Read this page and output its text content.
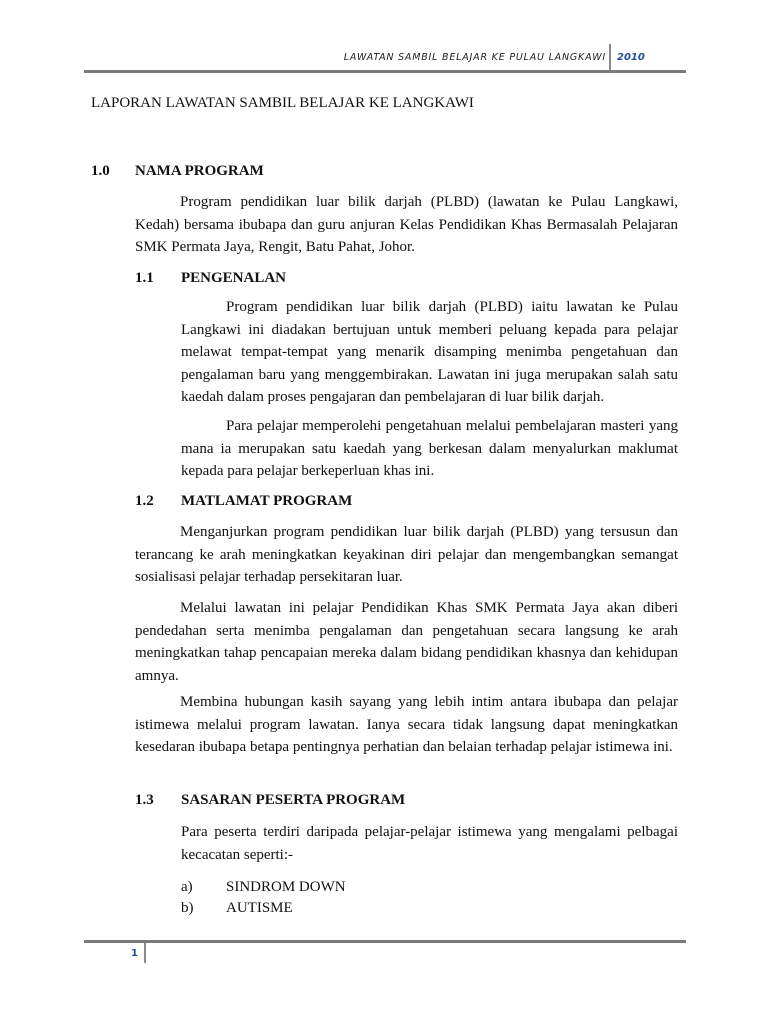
LAWATAN SAMBIL BELAJAR KE PULAU LANGKAWI 2010
LAPORAN LAWATAN SAMBIL BELAJAR KE LANGKAWI
1.0 NAMA PROGRAM

Program pendidikan luar bilik darjah (PLBD) (lawatan ke Pulau Langkawi, Kedah) bersama ibubapa dan guru anjuran Kelas Pendidikan Khas Bermasalah Pelajaran SMK Permata Jaya, Rengit, Batu Pahat, Johor.

1.1 PENGENALAN

Program pendidikan luar bilik darjah (PLBD) iaitu lawatan ke Pulau Langkawi ini diadakan bertujuan untuk memberi peluang kepada para pelajar melawat tempat-tempat yang menarik disamping menimba pengetahuan dan pengalaman baru yang menggembirakan. Lawatan ini juga merupakan salah satu kaedah dalam proses pengajaran dan pembelajaran di luar bilik darjah.

Para pelajar memperolehi pengetahuan melalui pembelajaran masteri yang mana ia merupakan satu kaedah yang berkesan dalam menyalurkan maklumat kepada para pelajar berkeperluan khas ini.

1.2 MATLAMAT PROGRAM

Menganjurkan program pendidikan luar bilik darjah (PLBD) yang tersusun dan terancang ke arah meningkatkan keyakinan diri pelajar dan mengembangkan semangat sosialisasi pelajar terhadap persekitaran luar.

Melalui lawatan ini pelajar Pendidikan Khas SMK Permata Jaya akan diberi pendedahan serta menimba pengalaman dan pengetahuan secara langsung ke arah meningkatkan tahap pencapaian mereka dalam bidang pendidikan khasnya dan kehidupan amnya.

Membina hubungan kasih sayang yang lebih intim antara ibubapa dan pelajar istimewa melalui program lawatan. Ianya secara tidak langsung dapat meningkatkan kesedaran ibubapa betapa pentingnya perhatian dan belaian terhadap pelajar istimewa ini.

1.3 SASARAN PESERTA PROGRAM

Para peserta terdiri daripada pelajar-pelajar istimewa yang mengalami pelbagai kecacatan seperti:-

a) SINDROM DOWN
b) AUTISME
1
